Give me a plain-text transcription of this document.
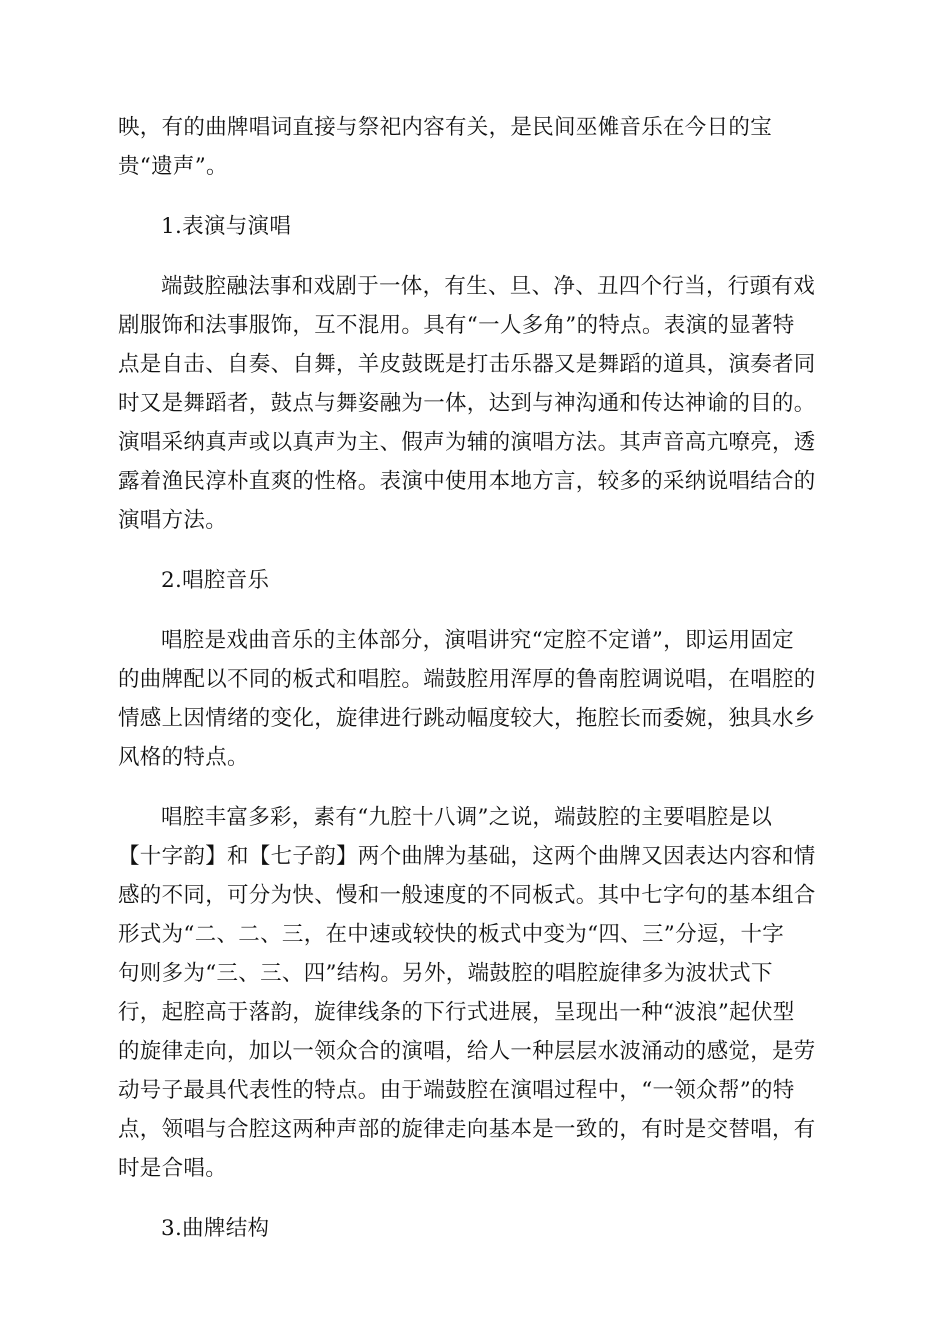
映，有的曲牌唱词直接与祭祀内容有关，是民间巫傩音乐在今日的宝
贵“遗声”。
1.表演与演唱
端鼓腔融法事和戏剧于一体，有生、旦、净、丑四个行当，行頭有戏
剧服饰和法事服饰，互不混用。具有“一人多角”的特点。表演的显著特
点是自击、自奏、自舞，羊皮鼓既是打击乐器又是舞蹈的道具，演奏者同
时又是舞蹈者，鼓点与舞姿融为一体，达到与神沟通和传达神谕的目的。
演唱采纳真声或以真声为主、假声为辅的演唱方法。其声音高亢嘹亮，透
露着渔民淳朴直爽的性格。表演中使用本地方言，较多的采纳说唱结合的
演唱方法。
2.唱腔音乐
唱腔是戏曲音乐的主体部分，演唱讲究“定腔不定谱”，即运用固定
的曲牌配以不同的板式和唱腔。端鼓腔用浑厚的鲁南腔调说唱，在唱腔的
情感上因情绪的变化，旋律进行跳动幅度较大，拖腔长而委婉，独具水乡
风格的特点。
唱腔丰富多彩，素有“九腔十八调”之说，端鼓腔的主要唱腔是以
【十字韵】和【七子韵】两个曲牌为基础，这两个曲牌又因表达内容和情
感的不同，可分为快、慢和一般速度的不同板式。其中七字句的基本组合
形式为“二、二、三，在中速或较快的板式中变为“四、三”分逗，十字
句则多为“三、三、四”结构。另外，端鼓腔的唱腔旋律多为波状式下
行，起腔高于落韵，旋律线条的下行式进展，呈现出一种“波浪”起伏型
的旋律走向，加以一领众合的演唱，给人一种层层水波涌动的感觉，是劳
动号子最具代表性的特点。由于端鼓腔在演唱过程中，“一领众帮”的特
点，领唱与合腔这两种声部的旋律走向基本是一致的，有时是交替唱，有
时是合唱。
3.曲牌结构
